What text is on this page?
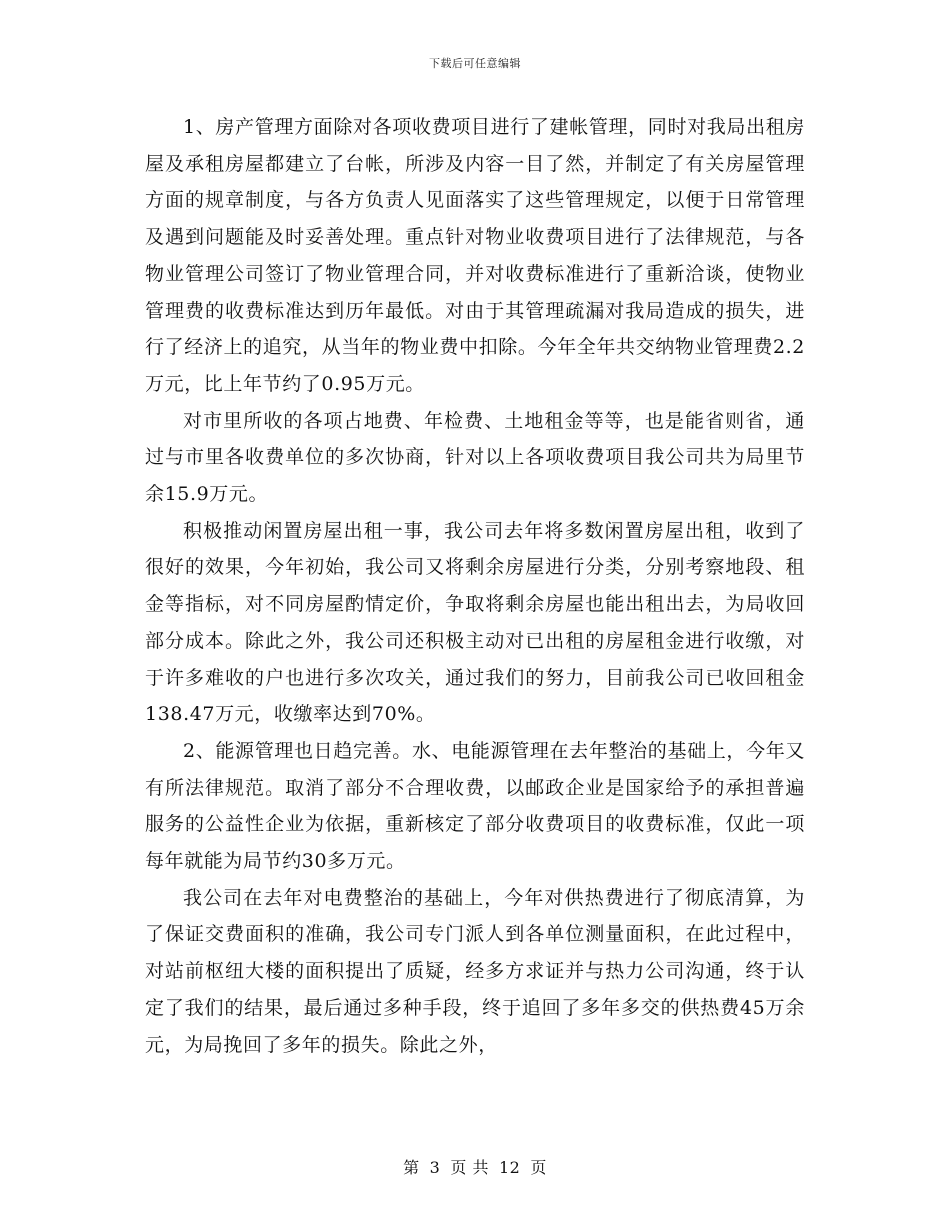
下载后可任意编辑

1、房产管理方面除对各项收费项目进行了建帐管理，同时对我局出租房屋及承租房屋都建立了台帐，所涉及内容一目了然，并制定了有关房屋管理方面的规章制度，与各方负责人见面落实了这些管理规定，以便于日常管理及遇到问题能及时妥善处理。重点针对物业收费项目进行了法律规范，与各物业管理公司签订了物业管理合同，并对收费标准进行了重新洽谈，使物业管理费的收费标准达到历年最低。对由于其管理疏漏对我局造成的损失，进行了经济上的追究，从当年的物业费中扣除。今年全年共交纳物业管理费2.2万元，比上年节约了0.95万元。

对市里所收的各项占地费、年检费、土地租金等等，也是能省则省，通过与市里各收费单位的多次协商，针对以上各项收费项目我公司共为局里节余15.9万元。

积极推动闲置房屋出租一事，我公司去年将多数闲置房屋出租，收到了很好的效果，今年初始，我公司又将剩余房屋进行分类，分别考察地段、租金等指标，对不同房屋酌情定价，争取将剩余房屋也能出租出去，为局收回部分成本。除此之外，我公司还积极主动对已出租的房屋租金进行收缴，对于许多难收的户也进行多次攻关，通过我们的努力，目前我公司已收回租金138.47万元，收缴率达到70%。

2、能源管理也日趋完善。水、电能源管理在去年整治的基础上，今年又有所法律规范。取消了部分不合理收费，以邮政企业是国家给予的承担普遍服务的公益性企业为依据，重新核定了部分收费项目的收费标准，仅此一项每年就能为局节约30多万元。

我公司在去年对电费整治的基础上，今年对供热费进行了彻底清算，为了保证交费面积的准确，我公司专门派人到各单位测量面积，在此过程中，对站前枢纽大楼的面积提出了质疑，经多方求证并与热力公司沟通，终于认定了我们的结果，最后通过多种手段，终于追回了多年多交的供热费45万余元，为局挽回了多年的损失。除此之外，

第 3 页 共 12 页
